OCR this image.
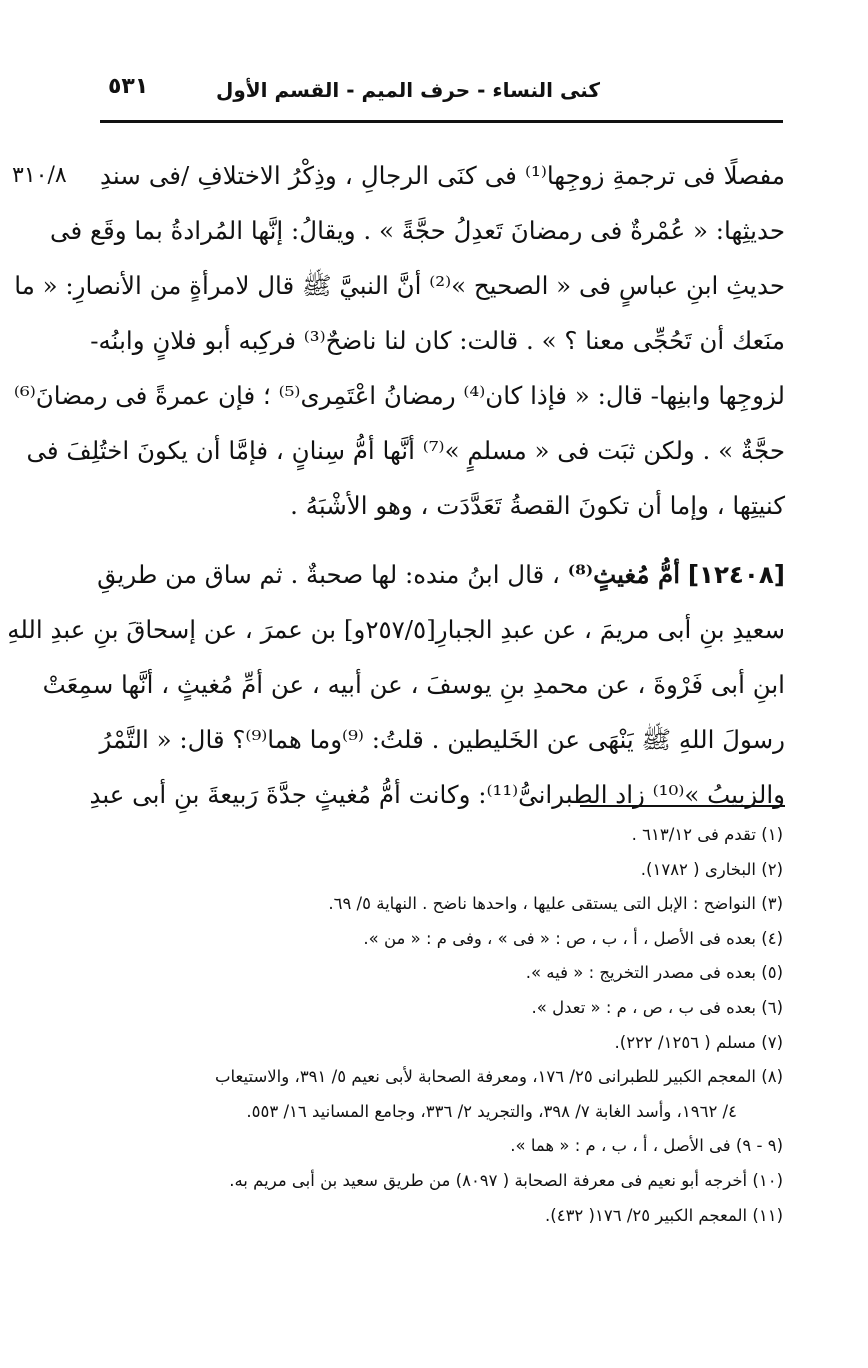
كنى النساء - حرف الميم - القسم الأول
٥٣١
٣١٠/٨	مفصلًا فى ترجمةِ زوجِها⁽¹⁾ فى كنَى الرجالِ ، وذِكْرُ الاختلافِ /فى سندِ
حديثِها: « عُمْرةٌ فى رمضانَ تَعدِلُ حجَّةً » . ويقالُ: إنَّها المُرادةُ بما وقَع فى
حديثِ ابنِ عباسٍ فى « الصحيح »⁽²⁾ أنَّ النبيَّ ﷺ قال لامرأةٍ من الأنصارِ: « ما
منَعك أن تَحُجِّى معنا ؟ » . قالت: كان لنا ناضحٌ⁽³⁾ فركِبه أبو فلانٍ وابنُه-
لزوجِها وابنِها- قال: « فإذا كان⁽⁴⁾ رمضانُ اعْتَمِرى⁽⁵⁾ ؛ فإن عمرةً فى رمضانَ⁽⁶⁾
حجَّةٌ » . ولكن ثبَت فى « مسلمٍ »⁽⁷⁾ أنَّها أمُّ سِنانٍ ، فإمَّا أن يكونَ اختُلِفَ فى
كنيتِها ، وإما أن تكونَ القصةُ تَعَدَّدَت ، وهو الأشْبَهُ .
[١٢٤٠٨] أمُّ مُغيثٍ⁽⁸⁾ ، قال ابنُ منده: لها صحبةٌ . ثم ساق من طريقِ
سعيدِ بنِ أبى مريمَ ، عن عبدِ الجبارِ[٢٥٧/٥و] بن عمرَ ، عن إسحاقَ بنِ عبدِ اللهِ
ابنِ أبى فَرْوةَ ، عن محمدِ بنِ يوسفَ ، عن أبيه ، عن أمِّ مُغيثٍ ، أنَّها سمِعَتْ
رسولَ اللهِ ﷺ يَنْهَى عن الخَليطين . قلتُ: ⁽⁹⁾وما هما⁽⁹⁾؟ قال: « التَّمْرُ
والزبيبُ »⁽¹⁰⁾ زاد الطبرانىُّ⁽¹¹⁾: وكانت أمُّ مُغيثٍ جدَّةَ رَبيعةَ بنِ أبى عبدِ
(١) تقدم فى ٦١٣/١٢ .
(٢) البخارى ( ١٧٨٢).
(٣) النواضح : الإبل التى يستقى عليها ، واحدها ناضح . النهاية ٥/ ٦٩.
(٤) بعده فى الأصل ، أ ، ب ، ص : « فى » ، وفى م : « من ».
(٥) بعده فى مصدر التخريج : « فيه ».
(٦) بعده فى ب ، ص ، م : « تعدل ».
(٧) مسلم ( ١٢٥٦/ ٢٢٢).
(٨) المعجم الكبير للطبرانى ٢٥/ ١٧٦، ومعرفة الصحابة لأبى نعيم ٥/ ٣٩١، والاستيعاب
٤/ ١٩٦٢، وأسد الغابة ٧/ ٣٩٨، والتجريد ٢/ ٣٣٦، وجامع المسانيد ١٦/ ٥٥٣.
(٩ - ٩) فى الأصل ، أ ، ب ، م : « هما ».
(١٠) أخرجه أبو نعيم فى معرفة الصحابة ( ٨٠٩٧) من طريق سعيد بن أبى مريم به.
(١١) المعجم الكبير ٢٥/ ١٧٦( ٤٣٢).
